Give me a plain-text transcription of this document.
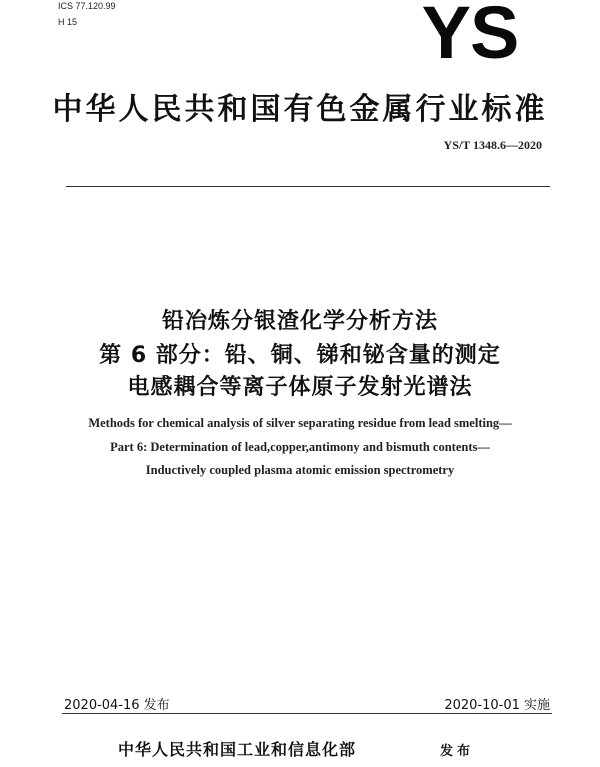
ICS 77.120.99
H 15	YS
中华人民共和国有色金属行业标准
YS/T 1348.6—2020
铅冶炼分银渣化学分析方法
第 6 部分：铅、铜、锑和铋含量的测定
电感耦合等离子体原子发射光谱法
Methods for chemical analysis of silver separating residue from lead smelting—
Part 6: Determination of lead,copper,antimony and bismuth contents—
Inductively coupled plasma atomic emission spectrometry
2020-04-16 发布	2020-10-01 实施
中华人民共和国工业和信息化部	发布
